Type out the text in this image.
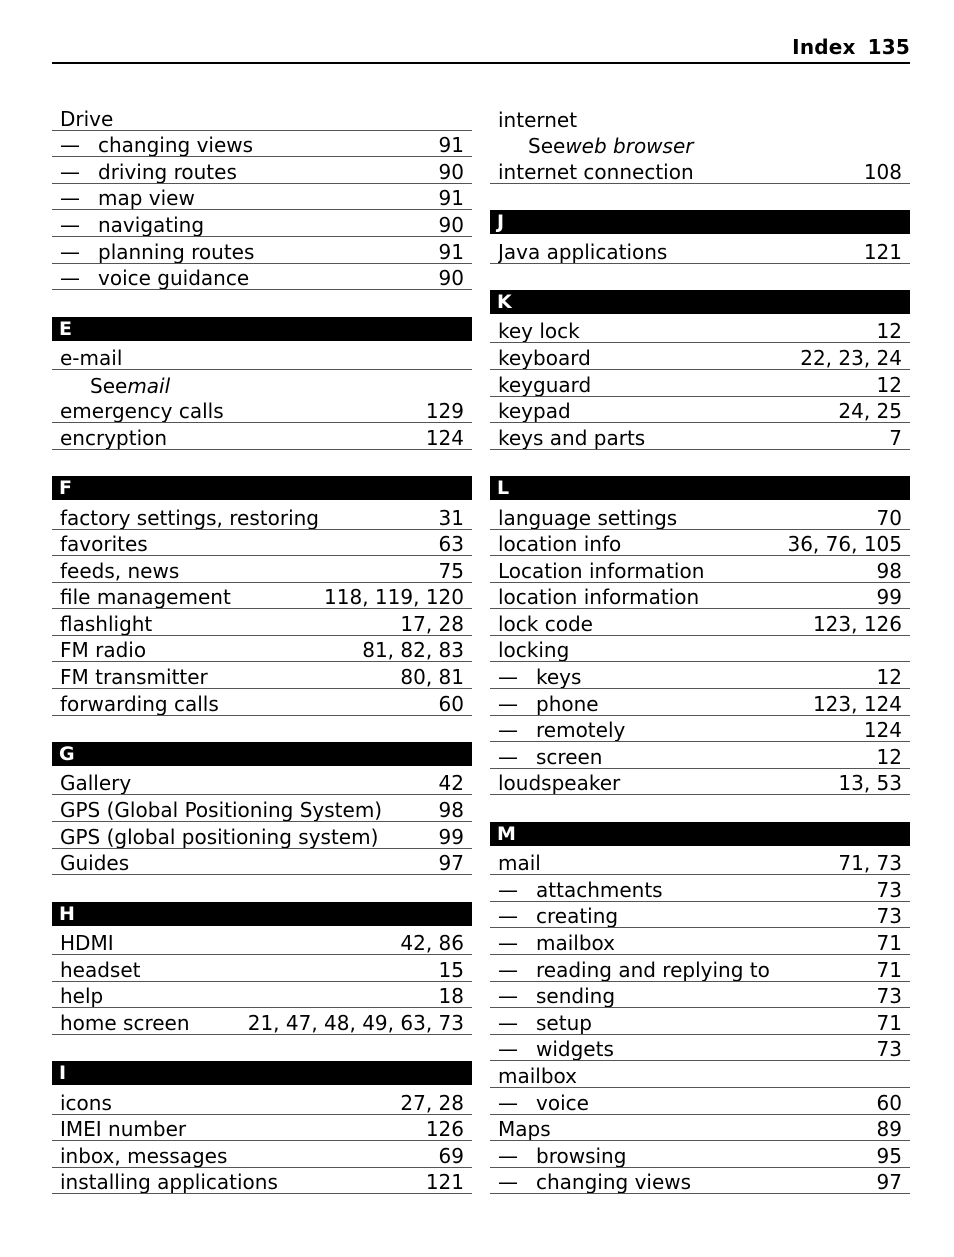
Index 135
Drive
— changing views	91
— driving routes	90
— map view	91
— navigating	90
— planning routes	91
— voice guidance	90
E
e-mail
See mail
emergency calls	129
encryption	124
F
factory settings, restoring	31
favorites	63
feeds, news	75
file management	118, 119, 120
flashlight	17, 28
FM radio	81, 82, 83
FM transmitter	80, 81
forwarding calls	60
G
Gallery	42
GPS (Global Positioning System)	98
GPS (global positioning system)	99
Guides	97
H
HDMI	42, 86
headset	15
help	18
home screen	21, 47, 48, 49, 63, 73
I
icons	27, 28
IMEI number	126
inbox, messages	69
installing applications	121
internet
See web browser
internet connection	108
J
Java applications	121
K
key lock	12
keyboard	22, 23, 24
keyguard	12
keypad	24, 25
keys and parts	7
L
language settings	70
location info	36, 76, 105
Location information	98
location information	99
lock code	123, 126
locking
— keys	12
— phone	123, 124
— remotely	124
— screen	12
loudspeaker	13, 53
M
mail	71, 73
— attachments	73
— creating	73
— mailbox	71
— reading and replying to	71
— sending	73
— setup	71
— widgets	73
mailbox
— voice	60
Maps	89
— browsing	95
— changing views	97
